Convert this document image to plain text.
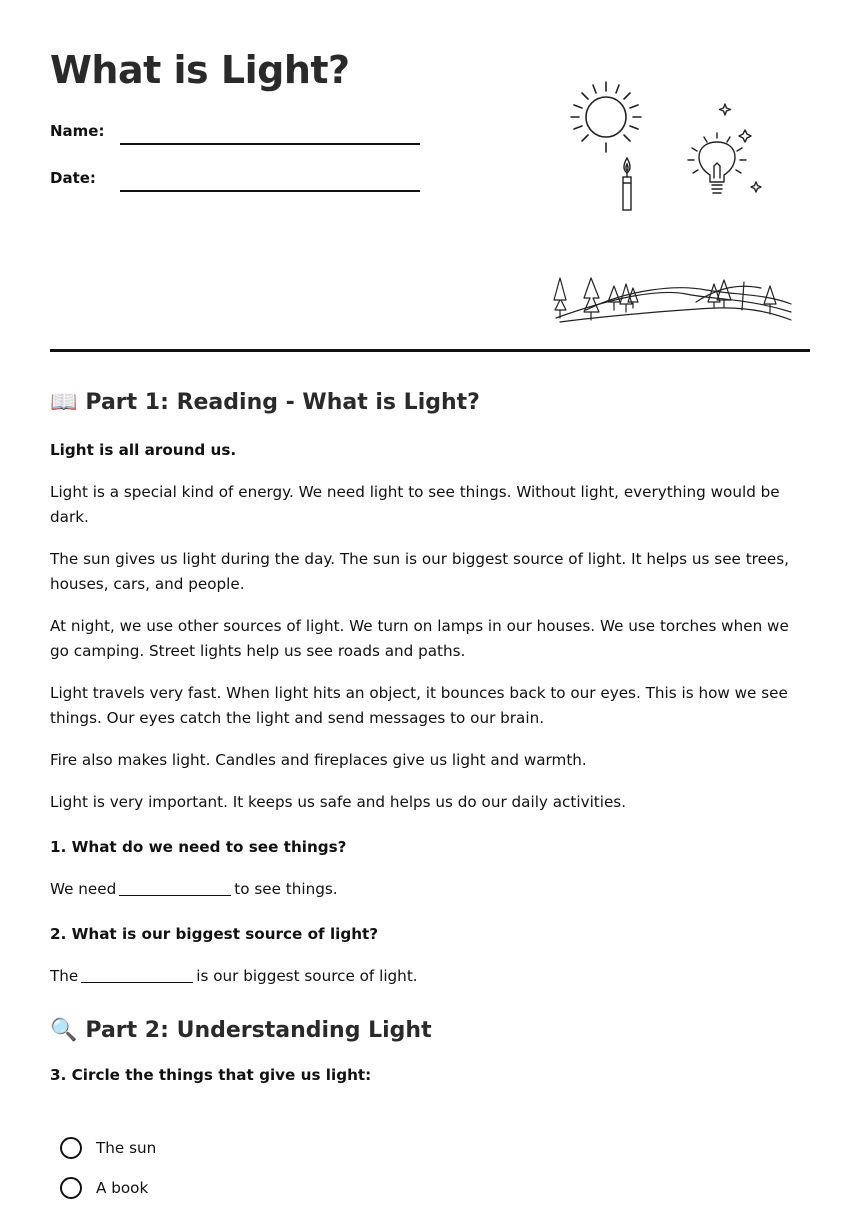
What is Light?
Name:
Date:
📖 Part 1: Reading - What is Light?

Light is all around us.

Light is a special kind of energy. We need light to see things. Without light, everything would be dark.

The sun gives us light during the day. The sun is our biggest source of light. It helps us see trees, houses, cars, and people.

At night, we use other sources of light. We turn on lamps in our houses. We use torches when we go camping. Street lights help us see roads and paths.

Light travels very fast. When light hits an object, it bounces back to our eyes. This is how we see things. Our eyes catch the light and send messages to our brain.

Fire also makes light. Candles and fireplaces give us light and warmth.

Light is very important. It keeps us safe and helps us do our daily activities.

1. What do we need to see things?

We need	to see things.

2. What is our biggest source of light?

The	is our biggest source of light.

🔍 Part 2: Understanding Light

3. Circle the things that give us light:

The sun
A book
